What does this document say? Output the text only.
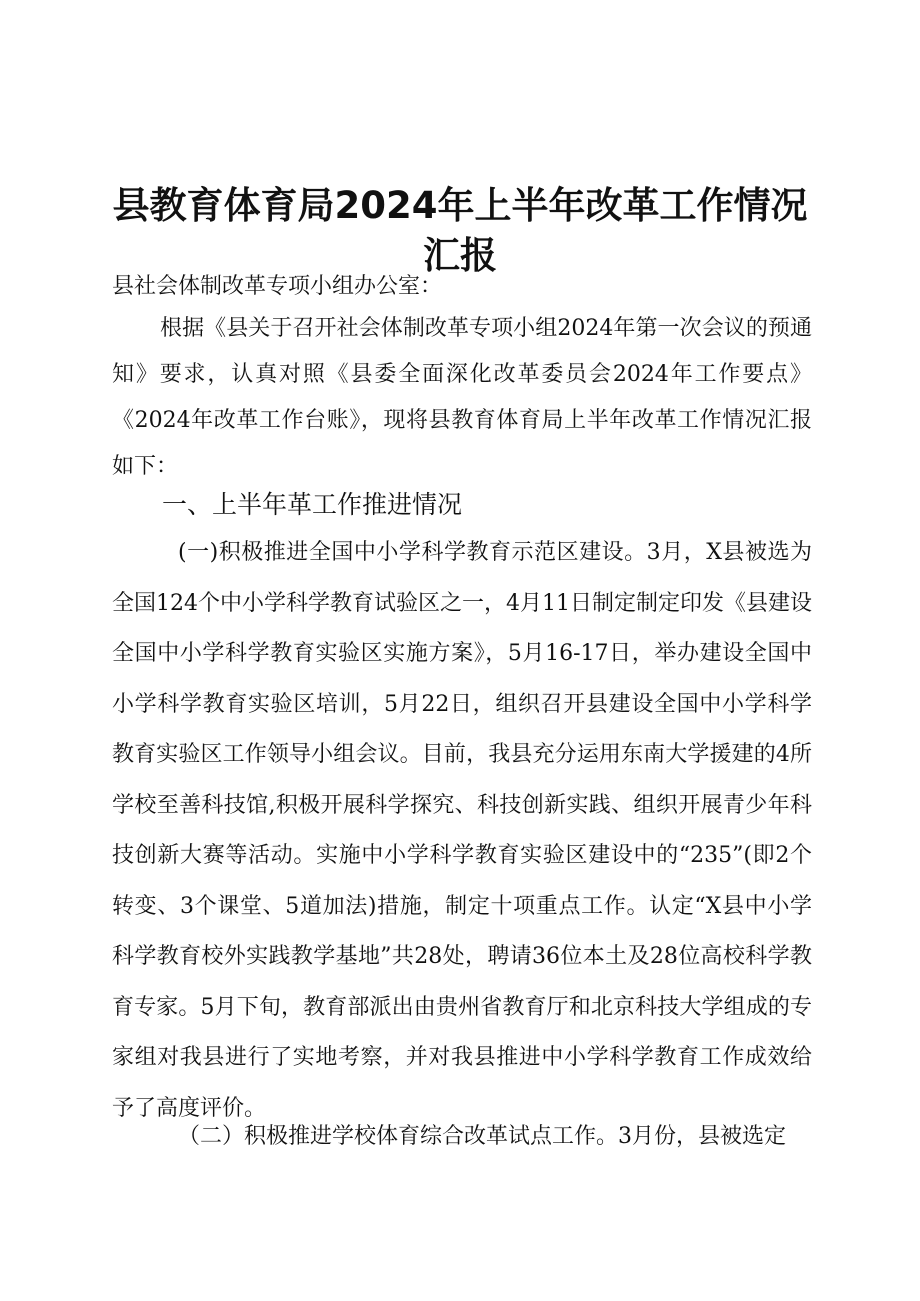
县教育体育局2024年上半年改革工作情况汇报

县社会体制改革专项小组办公室：

根据《县关于召开社会体制改革专项小组2024年第一次会议的预通知》要求，认真对照《县委全面深化改革委员会2024年工作要点》《2024年改革工作台账》，现将县教育体育局上半年改革工作情况汇报如下：

一、上半年革工作推进情况

(一)积极推进全国中小学科学教育示范区建设。3月，X县被选为全国124个中小学科学教育试验区之一，4月11日制定制定印发《县建设全国中小学科学教育实验区实施方案》，5月16-17日，举办建设全国中小学科学教育实验区培训，5月22日，组织召开县建设全国中小学科学教育实验区工作领导小组会议。目前，我县充分运用东南大学援建的4所学校至善科技馆,积极开展科学探究、科技创新实践、组织开展青少年科技创新大赛等活动。实施中小学科学教育实验区建设中的“235”(即2个转变、3个课堂、5道加法)措施，制定十项重点工作。认定“X县中小学科学教育校外实践教学基地”共28处，聘请36位本土及28位高校科学教育专家。5月下旬，教育部派出由贵州省教育厅和北京科技大学组成的专家组对我县进行了实地考察，并对我县推进中小学科学教育工作成效给予了高度评价。

（二）积极推进学校体育综合改革试点工作。3月份，县被选定
